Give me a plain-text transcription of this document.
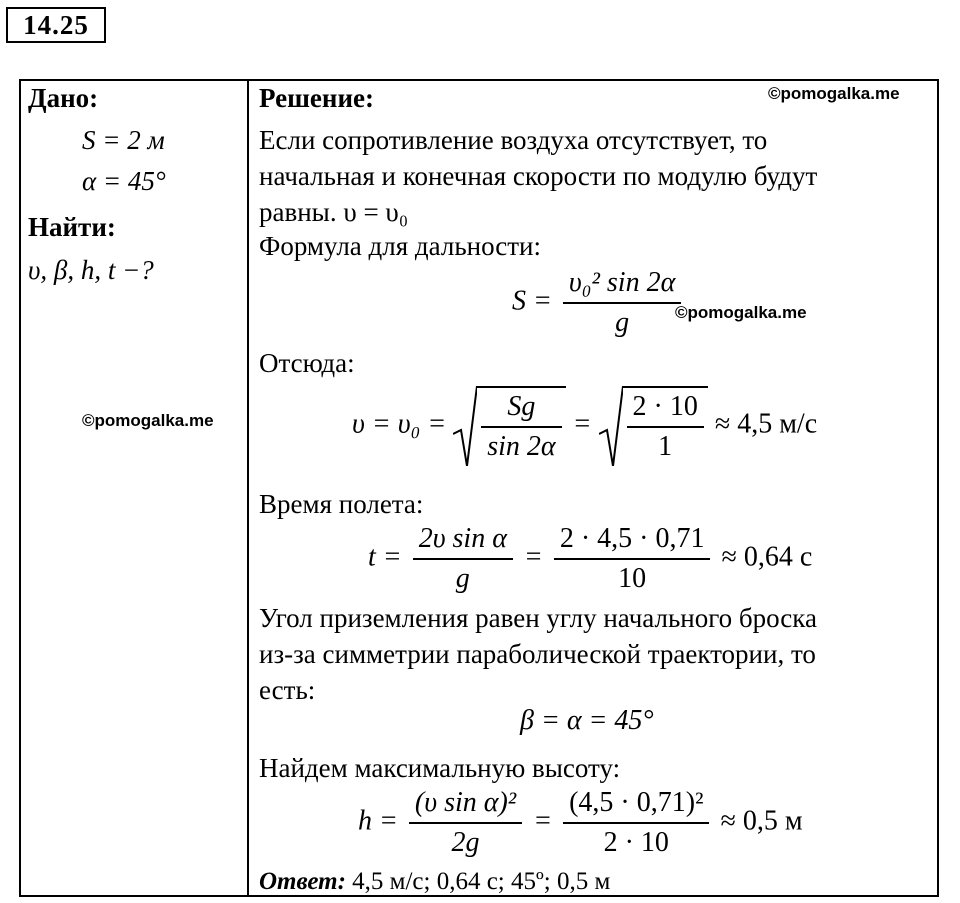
14.25
Дано:
S = 2 м
α = 45°
Найти:
υ, β, h, t −?
©pomogalka.me
Решение:	©pomogalka.me
Если сопротивление воздуха отсутствует, то
начальная и конечная скорости по модулю будут
равны. υ = υ₀
Формула для дальности:
$S = \frac{\text{υ₀² sin 2α}}{g}$
©pomogalka.me
Отсюда:
$\upsilon = \upsilon_0 = \frac{Sg}{\sin 2\alpha} = \frac{2 \cdot 10}{1} \approx 4,5$ м/с
Время полета:
$t = \frac{\text{2υ sin α}}{g} = \frac{2 \cdot 4,5 \cdot 0,71}{10} \approx 0,64$ с
Угол приземления равен углу начального броска
из-за симметрии параболической траектории, то
есть:
β = α = 45°
Найдем максимальную высоту:
$h = \frac{\text{(υ sin α)²}}{2g} = \frac{\text{(4,5 · 0,71)²}}{2 \cdot 10} \approx 0,5$ м
Ответ: 4,5 м/с; 0,64 с; 45º; 0,5 м
